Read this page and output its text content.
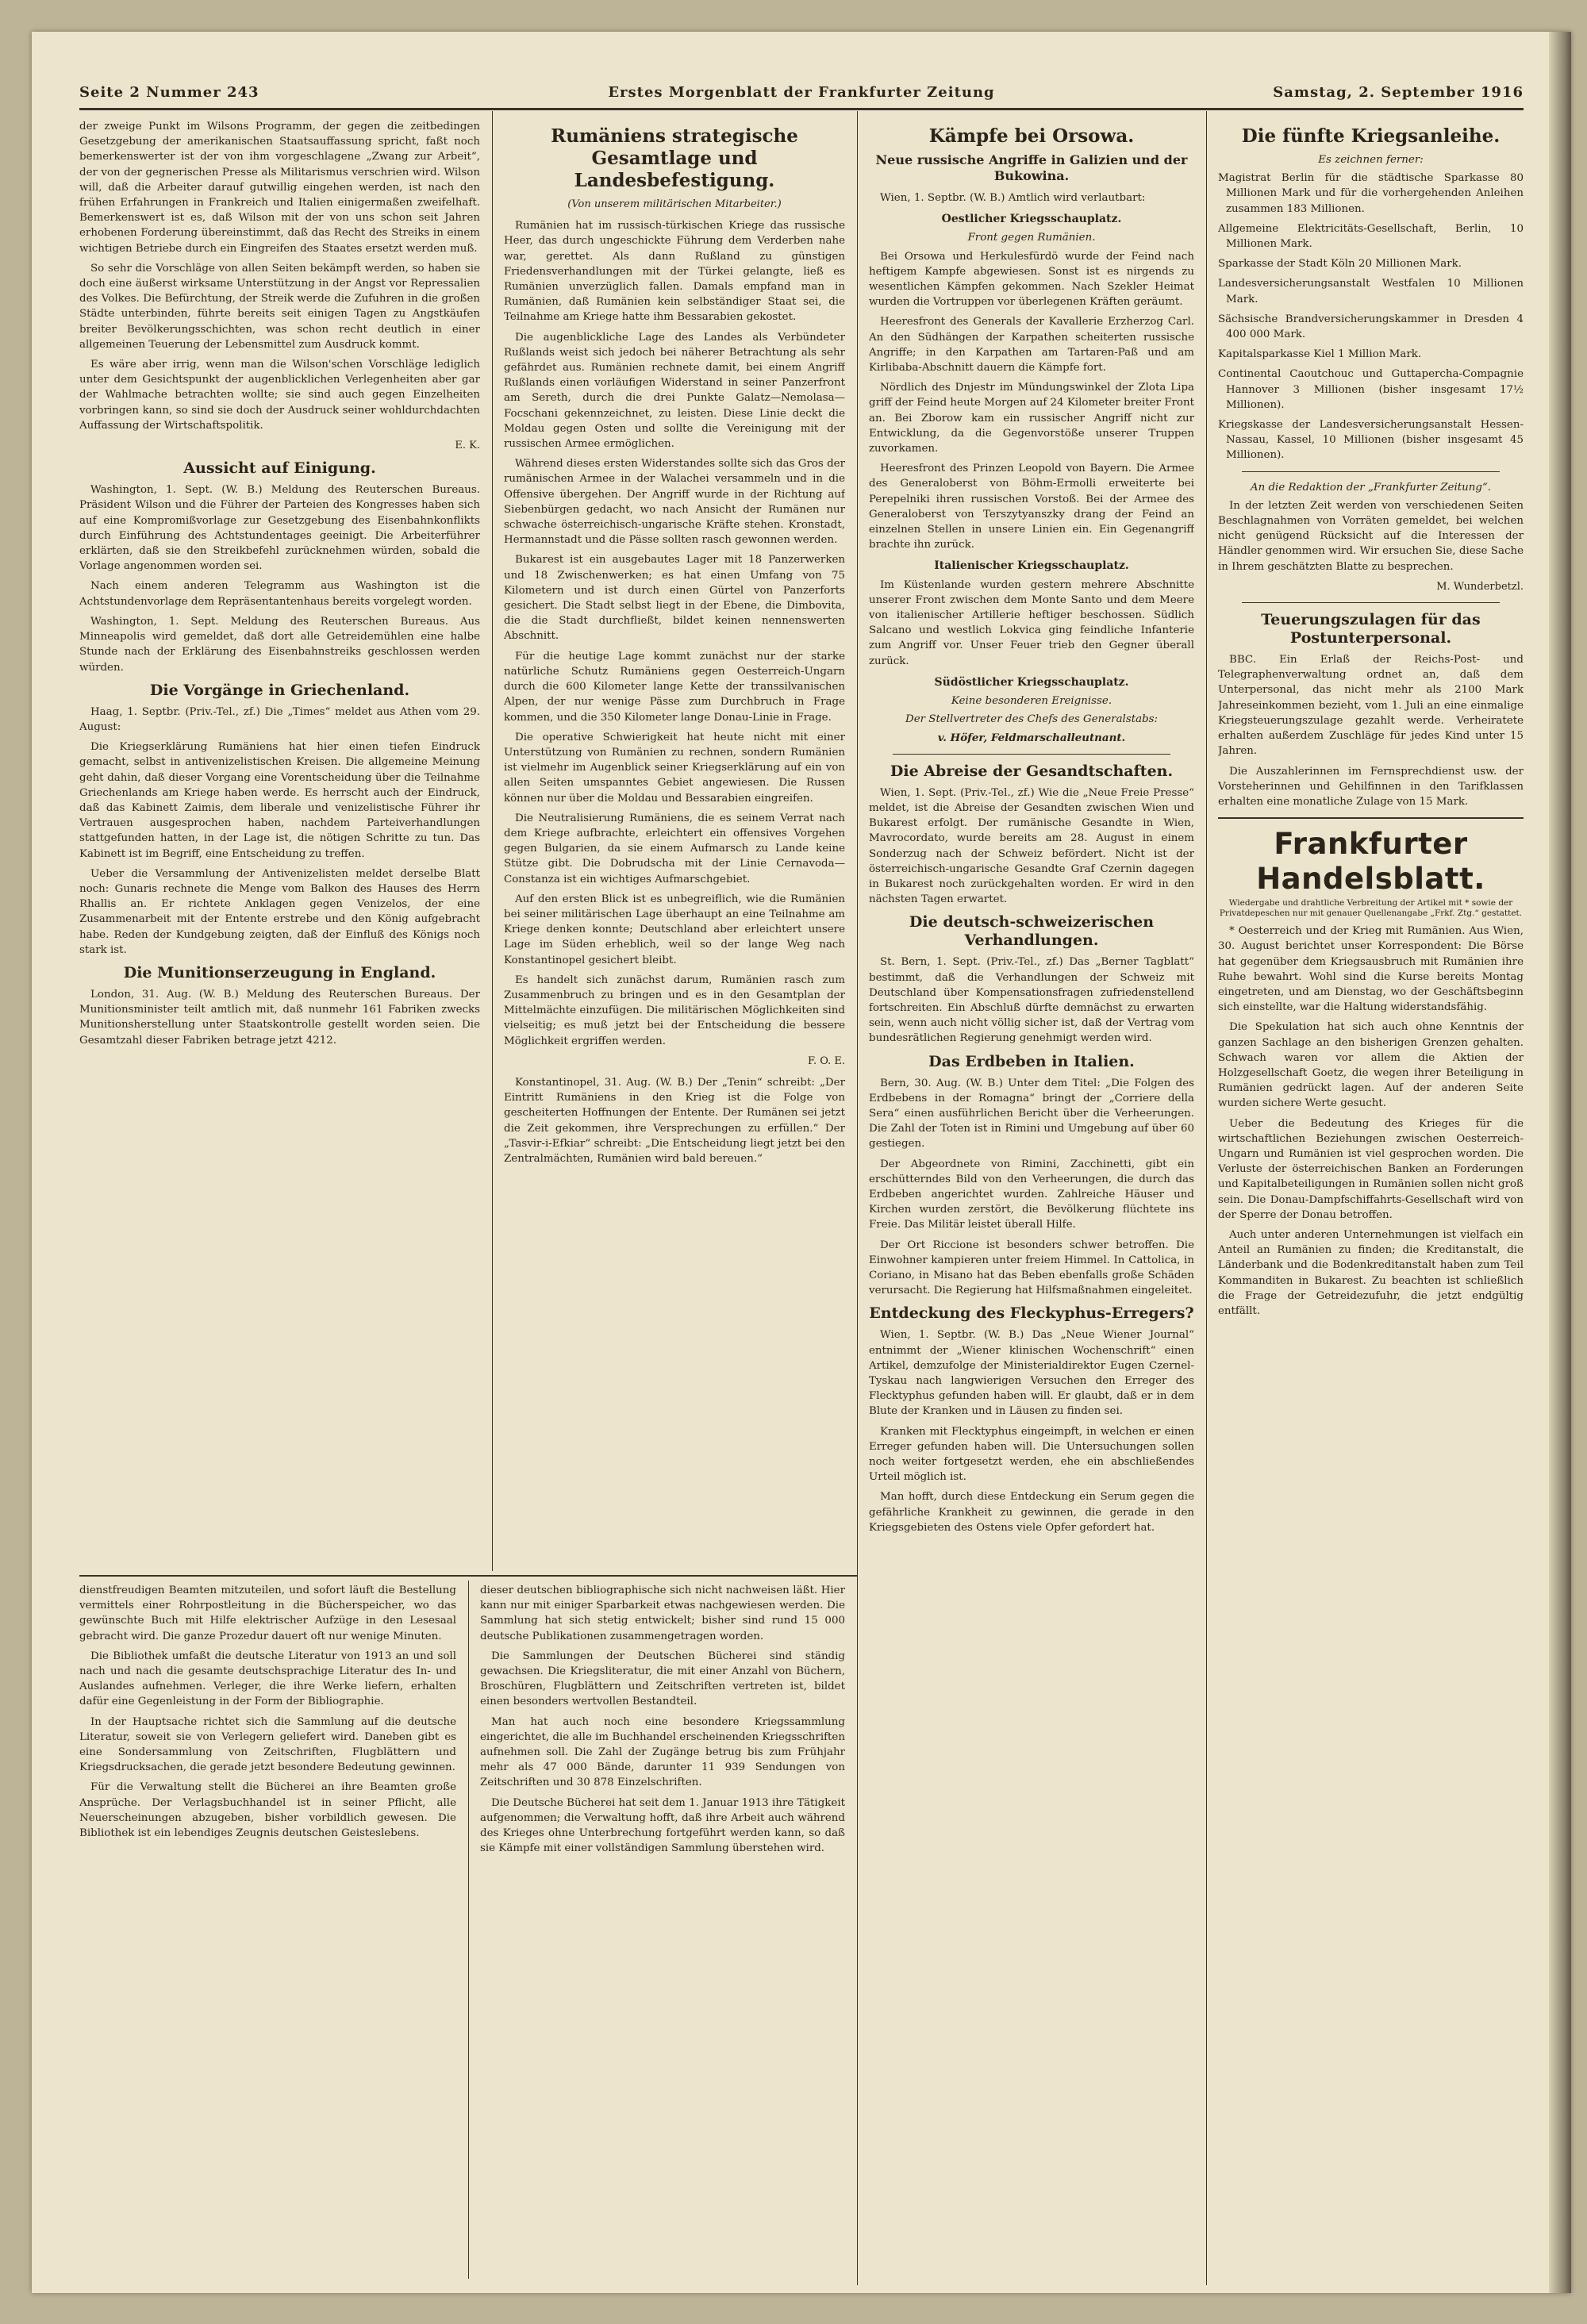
Seite 2 Nummer 243	Erstes Morgenblatt der Frankfurter Zeitung	Samstag, 2. September 1916

der zweige Punkt im Wilsons Programm, der gegen die zeitbedingen Gesetzgebung der amerikanischen Staatsauffassung spricht, faßt noch bemerkenswerter ist der von ihm vorgeschlagene „Zwang zur Arbeit“, der von der gegnerischen Presse als Militarismus verschrien wird. Wilson will, daß die Arbeiter darauf gutwillig eingehen werden, ist nach den frühen Erfahrungen in Frankreich und Italien einigermaßen zweifelhaft. Bemerkenswert ist es, daß Wilson mit der von uns schon seit Jahren erhobenen Forderung übereinstimmt, daß das Recht des Streiks in einem wichtigen Betriebe durch ein Eingreifen des Staates ersetzt werden muß.

So sehr die Vorschläge von allen Seiten bekämpft werden, so haben sie doch eine äußerst wirksame Unterstützung in der Angst vor Repressalien des Volkes. Die Befürchtung, der Streik werde die Zufuhren in die großen Städte unterbinden, führte bereits seit einigen Tagen zu Angstkäufen breiter Bevölkerungsschichten, was schon recht deutlich in einer allgemeinen Teuerung der Lebensmittel zum Ausdruck kommt.

Es wäre aber irrig, wenn man die Wilson'schen Vorschläge lediglich unter dem Gesichtspunkt der augenblicklichen Verlegenheiten aber gar der Wahlmache betrachten wollte; sie sind auch gegen Einzelheiten vorbringen kann, so sind sie doch der Ausdruck seiner wohldurchdachten Auffassung der Wirtschaftspolitik.

E. K.
Aussicht auf Einigung.

Washington, 1. Sept. (W. B.) Meldung des Reuterschen Bureaus. Präsident Wilson und die Führer der Parteien des Kongresses haben sich auf eine Kompromißvorlage zur Gesetzgebung des Eisenbahnkonflikts durch Einführung des Achtstundentages geeinigt. Die Arbeiterführer erklärten, daß sie den Streikbefehl zurücknehmen würden, sobald die Vorlage angenommen worden sei.

Nach einem anderen Telegramm aus Washington ist die Achtstundenvorlage dem Repräsentantenhaus bereits vorgelegt worden.

Washington, 1. Sept. Meldung des Reuterschen Bureaus. Aus Minneapolis wird gemeldet, daß dort alle Getreidemühlen eine halbe Stunde nach der Erklärung des Eisenbahnstreiks geschlossen werden würden.

Die Vorgänge in Griechenland.

Haag, 1. Septbr. (Priv.-Tel., zf.) Die „Times“ meldet aus Athen vom 29. August:

Die Kriegserklärung Rumäniens hat hier einen tiefen Eindruck gemacht, selbst in antivenizelistischen Kreisen. Die allgemeine Meinung geht dahin, daß dieser Vorgang eine Vorentscheidung über die Teilnahme Griechenlands am Kriege haben werde. Es herrscht auch der Eindruck, daß das Kabinett Zaimis, dem liberale und venizelistische Führer ihr Vertrauen ausgesprochen haben, nachdem Parteiverhandlungen stattgefunden hatten, in der Lage ist, die nötigen Schritte zu tun. Das Kabinett ist im Begriff, eine Entscheidung zu treffen.

Ueber die Versammlung der Antivenizelisten meldet derselbe Blatt noch: Gunaris rechnete die Menge vom Balkon des Hauses des Herrn Rhallis an. Er richtete Anklagen gegen Venizelos, der eine Zusammenarbeit mit der Entente erstrebe und den König aufgebracht habe. Reden der Kundgebung zeigten, daß der Einfluß des Königs noch stark ist.

Die Munitionserzeugung in England.

London, 31. Aug. (W. B.) Meldung des Reuterschen Bureaus. Der Munitionsminister teilt amtlich mit, daß nunmehr 161 Fabriken zwecks Munitionsherstellung unter Staatskontrolle gestellt worden seien. Die Gesamtzahl dieser Fabriken betrage jetzt 4212.

Rumäniens strategische Gesamtlage und Landesbefestigung.
(Von unserem militärischen Mitarbeiter.)

Rumänien hat im russisch-türkischen Kriege das russische Heer, das durch ungeschickte Führung dem Verderben nahe war, gerettet. Als dann Rußland zu günstigen Friedensverhandlungen mit der Türkei gelangte, ließ es Rumänien unverzüglich fallen. Damals empfand man in Rumänien, daß Rumänien kein selbständiger Staat sei, die Teilnahme am Kriege hatte ihm Bessarabien gekostet.

Die augenblickliche Lage des Landes als Verbündeter Rußlands weist sich jedoch bei näherer Betrachtung als sehr gefährdet aus. Rumänien rechnete damit, bei einem Angriff Rußlands einen vorläufigen Widerstand in seiner Panzerfront am Sereth, durch die drei Punkte Galatz—Nemolasa—Focschani gekennzeichnet, zu leisten. Diese Linie deckt die Moldau gegen Osten und sollte die Vereinigung mit der russischen Armee ermöglichen.

Während dieses ersten Widerstandes sollte sich das Gros der rumänischen Armee in der Walachei versammeln und in die Offensive übergehen. Der Angriff wurde in der Richtung auf Siebenbürgen gedacht, wo nach Ansicht der Rumänen nur schwache österreichisch-ungarische Kräfte stehen. Kronstadt, Hermannstadt und die Pässe sollten rasch gewonnen werden.

Bukarest ist ein ausgebautes Lager mit 18 Panzerwerken und 18 Zwischenwerken; es hat einen Umfang von 75 Kilometern und ist durch einen Gürtel von Panzerforts gesichert. Die Stadt selbst liegt in der Ebene, die Dimbovita, die die Stadt durchfließt, bildet keinen nennenswerten Abschnitt.

Für die heutige Lage kommt zunächst nur der starke natürliche Schutz Rumäniens gegen Oesterreich-Ungarn durch die 600 Kilometer lange Kette der transsilvanischen Alpen, der nur wenige Pässe zum Durchbruch in Frage kommen, und die 350 Kilometer lange Donau-Linie in Frage.

Die operative Schwierigkeit hat heute nicht mit einer Unterstützung von Rumänien zu rechnen, sondern Rumänien ist vielmehr im Augenblick seiner Kriegserklärung auf ein von allen Seiten umspanntes Gebiet angewiesen. Die Russen können nur über die Moldau und Bessarabien eingreifen.

Die Neutralisierung Rumäniens, die es seinem Verrat nach dem Kriege aufbrachte, erleichtert ein offensives Vorgehen gegen Bulgarien, da sie einem Aufmarsch zu Lande keine Stütze gibt. Die Dobrudscha mit der Linie Cernavoda—Constanza ist ein wichtiges Aufmarschgebiet.

Auf den ersten Blick ist es unbegreiflich, wie die Rumänien bei seiner militärischen Lage überhaupt an eine Teilnahme am Kriege denken konnte; Deutschland aber erleichtert unsere Lage im Süden erheblich, weil so der lange Weg nach Konstantinopel gesichert bleibt.

Es handelt sich zunächst darum, Rumänien rasch zum Zusammenbruch zu bringen und es in den Gesamtplan der Mittelmächte einzufügen. Die militärischen Möglichkeiten sind vielseitig; es muß jetzt bei der Entscheidung die bessere Möglichkeit ergriffen werden.

F. O. E.

Konstantinopel, 31. Aug. (W. B.) Der „Tenin“ schreibt: „Der Eintritt Rumäniens in den Krieg ist die Folge von gescheiterten Hoffnungen der Entente. Der Rumänen sei jetzt die Zeit gekommen, ihre Versprechungen zu erfüllen.“ Der „Tasvir-i-Efkiar“ schreibt: „Die Entscheidung liegt jetzt bei den Zentralmächten, Rumänien wird bald bereuen.“

Kämpfe bei Orsowa.
Neue russische Angriffe in Galizien und der Bukowina.

Wien, 1. Septbr. (W. B.) Amtlich wird verlautbart:

Oestlicher Kriegsschauplatz.
Front gegen Rumänien.

Bei Orsowa und Herkulesfürdö wurde der Feind nach heftigem Kampfe abgewiesen. Sonst ist es nirgends zu wesentlichen Kämpfen gekommen. Nach Szekler Heimat wurden die Vortruppen vor überlegenen Kräften geräumt.

Heeresfront des Generals der Kavallerie Erzherzog Carl. An den Südhängen der Karpathen scheiterten russische Angriffe; in den Karpathen am Tartaren-Paß und am Kirlibaba-Abschnitt dauern die Kämpfe fort.

Nördlich des Dnjestr im Mündungswinkel der Zlota Lipa griff der Feind heute Morgen auf 24 Kilometer breiter Front an. Bei Zborow kam ein russischer Angriff nicht zur Entwicklung, da die Gegenvorstöße unserer Truppen zuvorkamen.

Heeresfront des Prinzen Leopold von Bayern. Die Armee des Generaloberst von Böhm-Ermolli erweiterte bei Perepelniki ihren russischen Vorstoß. Bei der Armee des Generaloberst von Terszytyanszky drang der Feind an einzelnen Stellen in unsere Linien ein. Ein Gegenangriff brachte ihn zurück.

Italienischer Kriegsschauplatz.

Im Küstenlande wurden gestern mehrere Abschnitte unserer Front zwischen dem Monte Santo und dem Meere von italienischer Artillerie heftiger beschossen. Südlich Salcano und westlich Lokvica ging feindliche Infanterie zum Angriff vor. Unser Feuer trieb den Gegner überall zurück.

Südöstlicher Kriegsschauplatz.
Keine besonderen Ereignisse.
Der Stellvertreter des Chefs des Generalstabs:
v. Höfer, Feldmarschalleutnant.
Die Abreise der Gesandtschaften.

Wien, 1. Sept. (Priv.-Tel., zf.) Wie die „Neue Freie Presse“ meldet, ist die Abreise der Gesandten zwischen Wien und Bukarest erfolgt. Der rumänische Gesandte in Wien, Mavrocordato, wurde bereits am 28. August in einem Sonderzug nach der Schweiz befördert. Nicht ist der österreichisch-ungarische Gesandte Graf Czernin dagegen in Bukarest noch zurückgehalten worden. Er wird in den nächsten Tagen erwartet.

Die deutsch-schweizerischen Verhandlungen.

St. Bern, 1. Sept. (Priv.-Tel., zf.) Das „Berner Tagblatt“ bestimmt, daß die Verhandlungen der Schweiz mit Deutschland über Kompensationsfragen zufriedenstellend fortschreiten. Ein Abschluß dürfte demnächst zu erwarten sein, wenn auch nicht völlig sicher ist, daß der Vertrag vom bundesrätlichen Regierung genehmigt werden wird.

Das Erdbeben in Italien.

Bern, 30. Aug. (W. B.) Unter dem Titel: „Die Folgen des Erdbebens in der Romagna“ bringt der „Corriere della Sera“ einen ausführlichen Bericht über die Verheerungen. Die Zahl der Toten ist in Rimini und Umgebung auf über 60 gestiegen.

Der Abgeordnete von Rimini, Zacchinetti, gibt ein erschütterndes Bild von den Verheerungen, die durch das Erdbeben angerichtet wurden. Zahlreiche Häuser und Kirchen wurden zerstört, die Bevölkerung flüchtete ins Freie. Das Militär leistet überall Hilfe.

Der Ort Riccione ist besonders schwer betroffen. Die Einwohner kampieren unter freiem Himmel. In Cattolica, in Coriano, in Misano hat das Beben ebenfalls große Schäden verursacht. Die Regierung hat Hilfsmaßnahmen eingeleitet.

Entdeckung des Fleckyphus-Erregers?

Wien, 1. Septbr. (W. B.) Das „Neue Wiener Journal“ entnimmt der „Wiener klinischen Wochenschrift“ einen Artikel, demzufolge der Ministerialdirektor Eugen Czernel-Tyskau nach langwierigen Versuchen den Erreger des Flecktyphus gefunden haben will. Er glaubt, daß er in dem Blute der Kranken und in Läusen zu finden sei.

Kranken mit Flecktyphus eingeimpft, in welchen er einen Erreger gefunden haben will. Die Untersuchungen sollen noch weiter fortgesetzt werden, ehe ein abschließendes Urteil möglich ist.

Man hofft, durch diese Entdeckung ein Serum gegen die gefährliche Krankheit zu gewinnen, die gerade in den Kriegsgebieten des Ostens viele Opfer gefordert hat.

Die fünfte Kriegsanleihe.
Es zeichnen ferner:
Magistrat Berlin für die städtische Sparkasse 80 Millionen Mark und für die vorhergehenden Anleihen zusammen 183 Millionen.
Allgemeine Elektricitäts-Gesellschaft, Berlin, 10 Millionen Mark.
Sparkasse der Stadt Köln 20 Millionen Mark.
Landesversicherungsanstalt Westfalen 10 Millionen Mark.
Sächsische Brandversicherungskammer in Dresden 4 400 000 Mark.
Kapitalsparkasse Kiel 1 Million Mark.
Continental Caoutchouc und Guttapercha-Compagnie Hannover 3 Millionen (bisher insgesamt 17½ Millionen).
Kriegskasse der Landesversicherungsanstalt Hessen-Nassau, Kassel, 10 Millionen (bisher insgesamt 45 Millionen).
An die Redaktion der „Frankfurter Zeitung“.

In der letzten Zeit werden von verschiedenen Seiten Beschlagnahmen von Vorräten gemeldet, bei welchen nicht genügend Rücksicht auf die Interessen der Händler genommen wird. Wir ersuchen Sie, diese Sache in Ihrem geschätzten Blatte zu besprechen.

M. Wunderbetzl.
Teuerungszulagen für das Postunterpersonal.

BBC. Ein Erlaß der Reichs-Post- und Telegraphenverwaltung ordnet an, daß dem Unterpersonal, das nicht mehr als 2100 Mark Jahreseinkommen bezieht, vom 1. Juli an eine einmalige Kriegsteuerungszulage gezahlt werde. Verheiratete erhalten außerdem Zuschläge für jedes Kind unter 15 Jahren.

Die Auszahlerinnen im Fernsprechdienst usw. der Vorsteherinnen und Gehilfinnen in den Tarifklassen erhalten eine monatliche Zulage von 15 Mark.

Frankfurter Handelsblatt.
Wiedergabe und drahtliche Verbreitung der Artikel mit * sowie der Privatdepeschen nur mit genauer Quellenangabe „Frkf. Ztg.“ gestattet.

* Oesterreich und der Krieg mit Rumänien. Aus Wien, 30. August berichtet unser Korrespondent: Die Börse hat gegenüber dem Kriegsausbruch mit Rumänien ihre Ruhe bewahrt. Wohl sind die Kurse bereits Montag eingetreten, und am Dienstag, wo der Geschäftsbeginn sich einstellte, war die Haltung widerstandsfähig.

Die Spekulation hat sich auch ohne Kenntnis der ganzen Sachlage an den bisherigen Grenzen gehalten. Schwach waren vor allem die Aktien der Holzgesellschaft Goetz, die wegen ihrer Beteiligung in Rumänien gedrückt lagen. Auf der anderen Seite wurden sichere Werte gesucht.

Ueber die Bedeutung des Krieges für die wirtschaftlichen Beziehungen zwischen Oesterreich-Ungarn und Rumänien ist viel gesprochen worden. Die Verluste der österreichischen Banken an Forderungen und Kapitalbeteiligungen in Rumänien sollen nicht groß sein. Die Donau-Dampfschiffahrts-Gesellschaft wird von der Sperre der Donau betroffen.

Auch unter anderen Unternehmungen ist vielfach ein Anteil an Rumänien zu finden; die Kreditanstalt, die Länderbank und die Bodenkreditanstalt haben zum Teil Kommanditen in Bukarest. Zu beachten ist schließlich die Frage der Getreidezufuhr, die jetzt endgültig entfällt.

dienstfreudigen Beamten mitzuteilen, und sofort läuft die Bestellung vermittels einer Rohrpostleitung in die Bücherspeicher, wo das gewünschte Buch mit Hilfe elektrischer Aufzüge in den Lesesaal gebracht wird. Die ganze Prozedur dauert oft nur wenige Minuten.

Die Bibliothek umfaßt die deutsche Literatur von 1913 an und soll nach und nach die gesamte deutschsprachige Literatur des In- und Auslandes aufnehmen. Verleger, die ihre Werke liefern, erhalten dafür eine Gegenleistung in der Form der Bibliographie.

In der Hauptsache richtet sich die Sammlung auf die deutsche Literatur, soweit sie von Verlegern geliefert wird. Daneben gibt es eine Sondersammlung von Zeitschriften, Flugblättern und Kriegsdrucksachen, die gerade jetzt besondere Bedeutung gewinnen.

Für die Verwaltung stellt die Bücherei an ihre Beamten große Ansprüche. Der Verlagsbuchhandel ist in seiner Pflicht, alle Neuerscheinungen abzugeben, bisher vorbildlich gewesen. Die Bibliothek ist ein lebendiges Zeugnis deutschen Geisteslebens.

dieser deutschen bibliographische sich nicht nachweisen läßt. Hier kann nur mit einiger Sparbarkeit etwas nachgewiesen werden. Die Sammlung hat sich stetig entwickelt; bisher sind rund 15 000 deutsche Publikationen zusammengetragen worden.

Die Sammlungen der Deutschen Bücherei sind ständig gewachsen. Die Kriegsliteratur, die mit einer Anzahl von Büchern, Broschüren, Flugblättern und Zeitschriften vertreten ist, bildet einen besonders wertvollen Bestandteil.

Man hat auch noch eine besondere Kriegssammlung eingerichtet, die alle im Buchhandel erscheinenden Kriegsschriften aufnehmen soll. Die Zahl der Zugänge betrug bis zum Frühjahr mehr als 47 000 Bände, darunter 11 939 Sendungen von Zeitschriften und 30 878 Einzelschriften.

Die Deutsche Bücherei hat seit dem 1. Januar 1913 ihre Tätigkeit aufgenommen; die Verwaltung hofft, daß ihre Arbeit auch während des Krieges ohne Unterbrechung fortgeführt werden kann, so daß sie Kämpfe mit einer vollständigen Sammlung überstehen wird.
